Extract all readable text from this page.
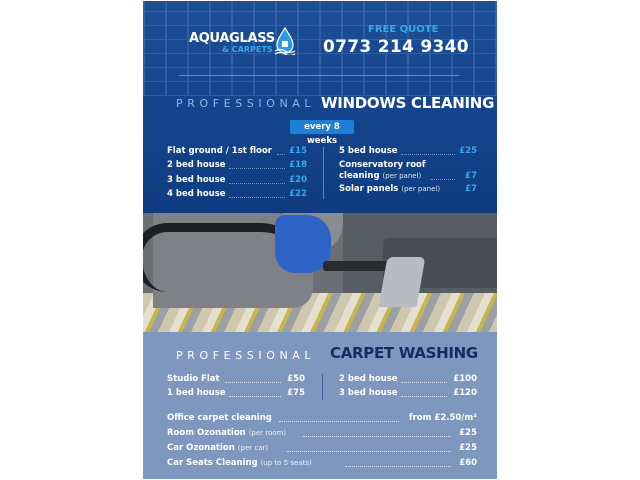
AQUAGLASS
& CARPETS
FREE QUOTE
0773 214 9340
PROFESSIONAL WINDOWS CLEANING
every 8 weeks
Flat ground / 1st floor £15
2 bed house	£18
3 bed house	£20
4 bed house	£22
5 bed house	£25
Conservatory roof
cleaning (per panel)	£7
Solar panels (per panel)	£7
PROFESSIONAL CARPET WASHING
Studio Flat	£50
1 bed house	£75
2 bed house	£100
3 bed house	£120
Office carpet cleaning	from £2.50/m²
Room Ozonation (per room)	£25
Car Ozonation (per car)	£25
Car Seats Cleaning (up to 5 seats)	£60
